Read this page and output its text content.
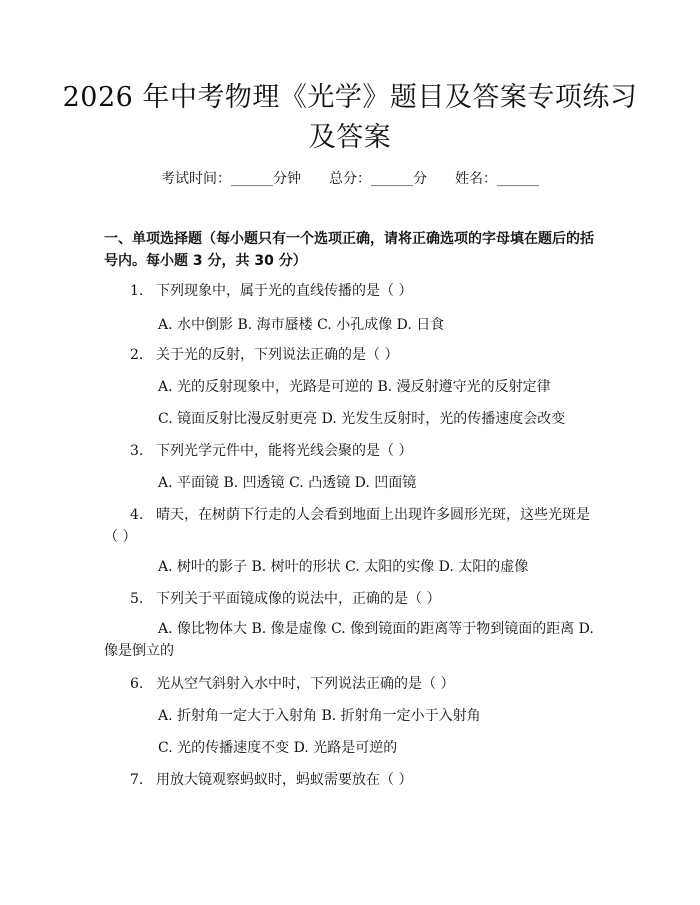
2026 年中考物理《光学》题目及答案专项练习及答案
考试时间：______分钟 总分：______分 姓名：______
一、单项选择题（每小题只有一个选项正确，请将正确选项的字母填在题后的括号内。每小题 3 分，共 30 分）
1. 下列现象中，属于光的直线传播的是（ ）
A. 水中倒影 B. 海市蜃楼 C. 小孔成像 D. 日食
2. 关于光的反射，下列说法正确的是（ ）
A. 光的反射现象中，光路是可逆的 B. 漫反射遵守光的反射定律
C. 镜面反射比漫反射更亮 D. 光发生反射时，光的传播速度会改变
3. 下列光学元件中，能将光线会聚的是（ ）
A. 平面镜 B. 凹透镜 C. 凸透镜 D. 凹面镜
4. 晴天，在树荫下行走的人会看到地面上出现许多圆形光斑，这些光斑是（ ）
A. 树叶的影子 B. 树叶的形状 C. 太阳的实像 D. 太阳的虚像
5. 下列关于平面镜成像的说法中，正确的是（ ）
A. 像比物体大 B. 像是虚像 C. 像到镜面的距离等于物到镜面的距离 D. 像是倒立的
6. 光从空气斜射入水中时，下列说法正确的是（ ）
A. 折射角一定大于入射角 B. 折射角一定小于入射角
C. 光的传播速度不变 D. 光路是可逆的
7. 用放大镜观察蚂蚁时，蚂蚁需要放在（ ）
